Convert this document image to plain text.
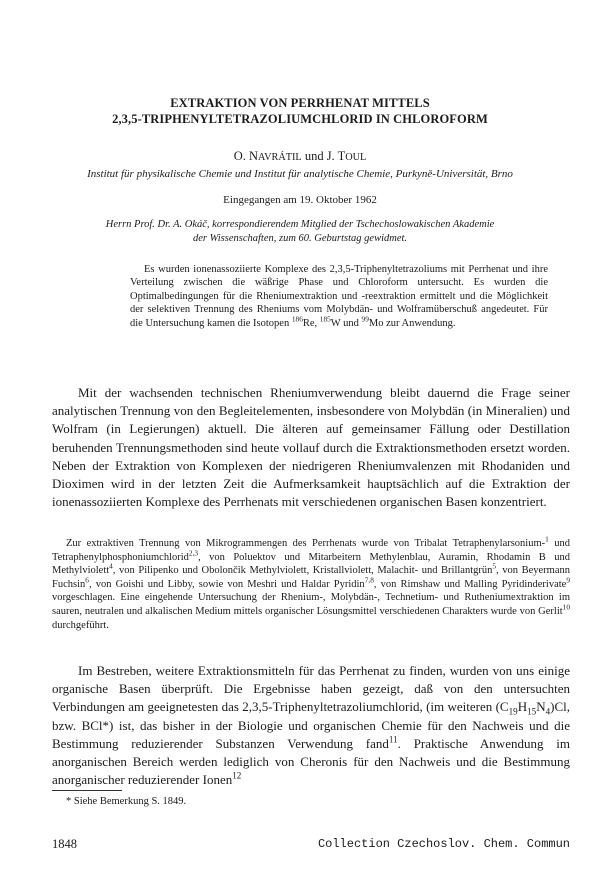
EXTRAKTION VON PERRHENAT MITTELS
2,3,5-TRIPHENYLTETRAZOLIUMCHLORID IN CHLOROFORM
O. NAVRÁTIL und J. TOUL
Institut für physikalische Chemie und Institut für analytische Chemie, Purkyně-Universität, Brno
Eingegangen am 19. Oktober 1962
Herrn Prof. Dr. A. Okáč, korrespondierendem Mitglied der Tschechoslowakischen Akademie
der Wissenschaften, zum 60. Geburtstag gewidmet.

Es wurden ionenassoziierte Komplexe des 2,3,5-Triphenyltetrazoliums mit Perrhenat und ihre Verteilung zwischen die wäßrige Phase und Chloroform untersucht. Es wurden die Optimalbedingungen für die Rheniumextraktion und -reextraktion ermittelt und die Möglichkeit der selektiven Trennung des Rheniums vom Molybdän- und Wolframüberschuß angedeutet. Für die Untersuchung kamen die Isotopen $^{186}$Re, $^{185}$W und $^{99}$Mo zur Anwendung.

Mit der wachsenden technischen Rheniumverwendung bleibt dauernd die Frage seiner analytischen Trennung von den Begleitelementen, insbesondere von Molybdän (in Mineralien) und Wolfram (in Legierungen) aktuell. Die älteren auf gemeinsamer Fällung oder Destillation beruhenden Trennungsmethoden sind heute vollauf durch die Extraktionsmethoden ersetzt worden. Neben der Extraktion von Komplexen der niedrigeren Rheniumvalenzen mit Rhodaniden und Dioximen wird in der letzten Zeit die Aufmerksamkeit hauptsächlich auf die Extraktion der ionenassoziierten Komplexe des Perrhenats mit verschiedenen organischen Basen konzentriert.

Zur extraktiven Trennung von Mikrogrammengen des Perrhenats wurde von Tribalat Tetraphenylarsonium-$^1$ und Tetraphenylphosphoniumchlorid$^{2,3}$, von Poluektov und Mitarbeitern Methylenblau, Auramin, Rhodamin B und Methylviolett$^4$, von Pilipenko und Obolončik Methylviolett, Kristallviolett, Malachit- und Brillantgrün$^5$, von Beyermann Fuchsin$^6$, von Goishi und Libby, sowie von Meshri und Haldar Pyridin$^{7,8}$, von Rimshaw und Malling Pyridinderivate$^9$ vorgeschlagen. Eine eingehende Untersuchung der Rhenium-, Molybdän-, Technetium- und Rutheniumextraktion im sauren, neutralen und alkalischen Medium mittels organischer Lösungsmittel verschiedenen Charakters wurde von Gerlit$^{10}$ durchgeführt.

Im Bestreben, weitere Extraktionsmitteln für das Perrhenat zu finden, wurden von uns einige organische Basen überprüft. Die Ergebnisse haben gezeigt, daß von den untersuchten Verbindungen am geeignetesten das 2,3,5-Triphenyltetrazoliumchlorid, (im weiteren $(C_{19}H_{15}N_4)Cl$, bzw. BCl*) ist, das bisher in der Biologie und organischen Chemie für den Nachweis und die Bestimmung reduzierender Substanzen Verwendung fand$^{11}$. Praktische Anwendung im anorganischen Bereich werden lediglich von Cheronis für den Nachweis und die Bestimmung anorganischer reduzierender Ionen$^{12}$

* Siehe Bemerkung S. 1849.
1848	Collection Czechoslov. Chem. Commun
